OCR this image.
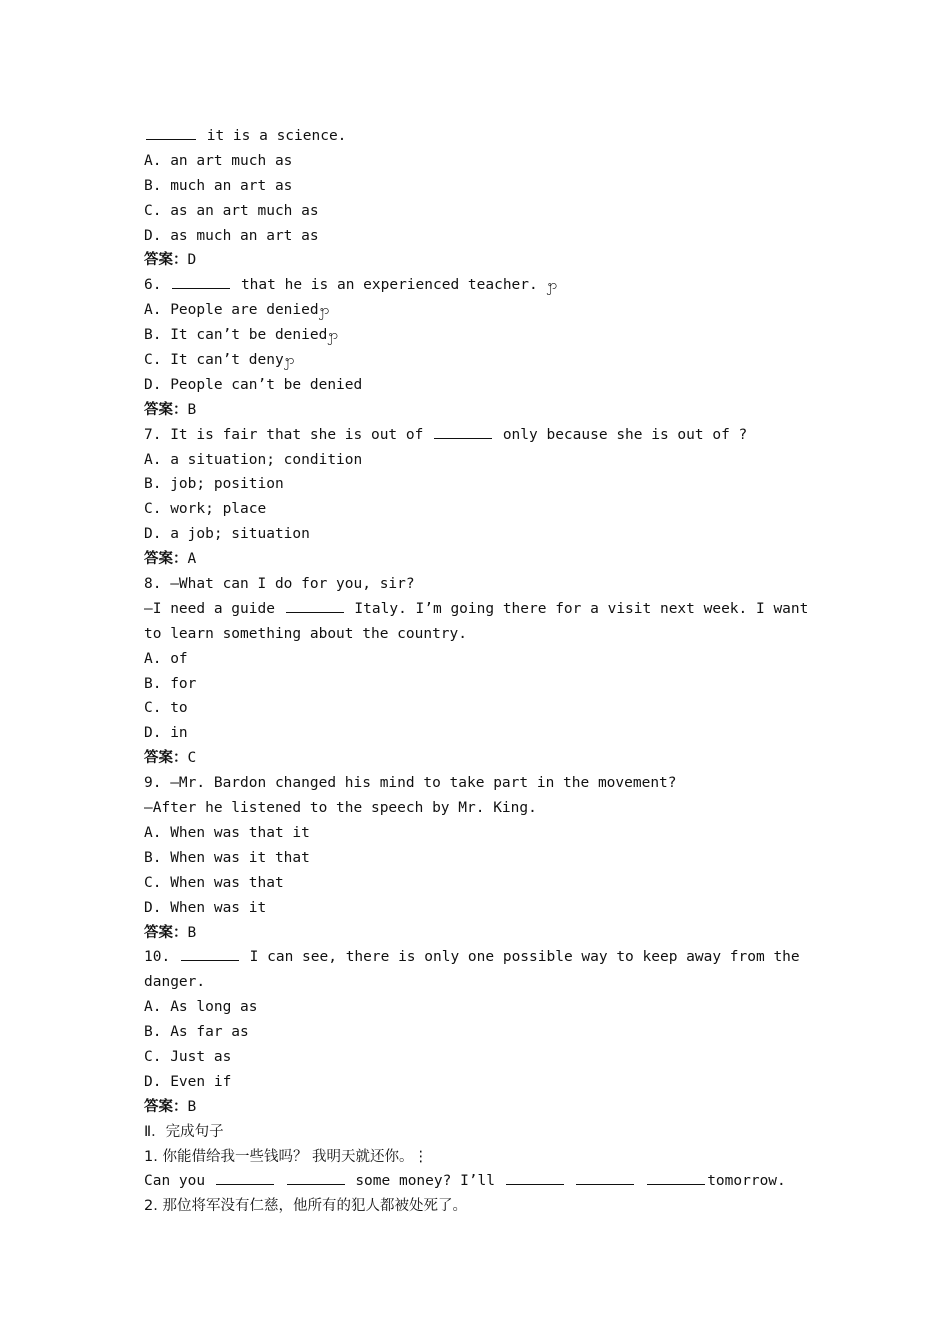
it is a science.
A. an art much as
B. much an art as
C. as an art much as
D. as much an art as
答案：D
6.	that he is an experienced teacher. ꩭ
A. People are deniedꩭ
B. It can’t be deniedꩭ
C. It can’t denyꩭ
D. People can’t be denied
答案：B
7. It is fair that she is out of	only because she is out of ?
A. a situation; condition
B. job; position
C. work; place
D. a job; situation
答案：A
8. —What can I do for you, sir?
—I need a guide	Italy. I’m going there for a visit next week. I want
to learn something about the country.
A. of
B. for
C. to
D. in
答案：C
9. —Mr. Bardon changed his mind to take part in the movement?
—After he listened to the speech by Mr. King.
A. When was that it
B. When was it that
C. When was that
D. When was it
答案：B
10.	I can see, there is only one possible way to keep away from the
danger.
A. As long as
B. As far as
C. Just as
D. Even if
答案：B
Ⅱ．完成句子
1. 你能借给我一些钱吗？ 我明天就还你。⋮
Can you	some money? I’ll	tomorrow.
2. 那位将军没有仁慈，他所有的犯人都被处死了。
